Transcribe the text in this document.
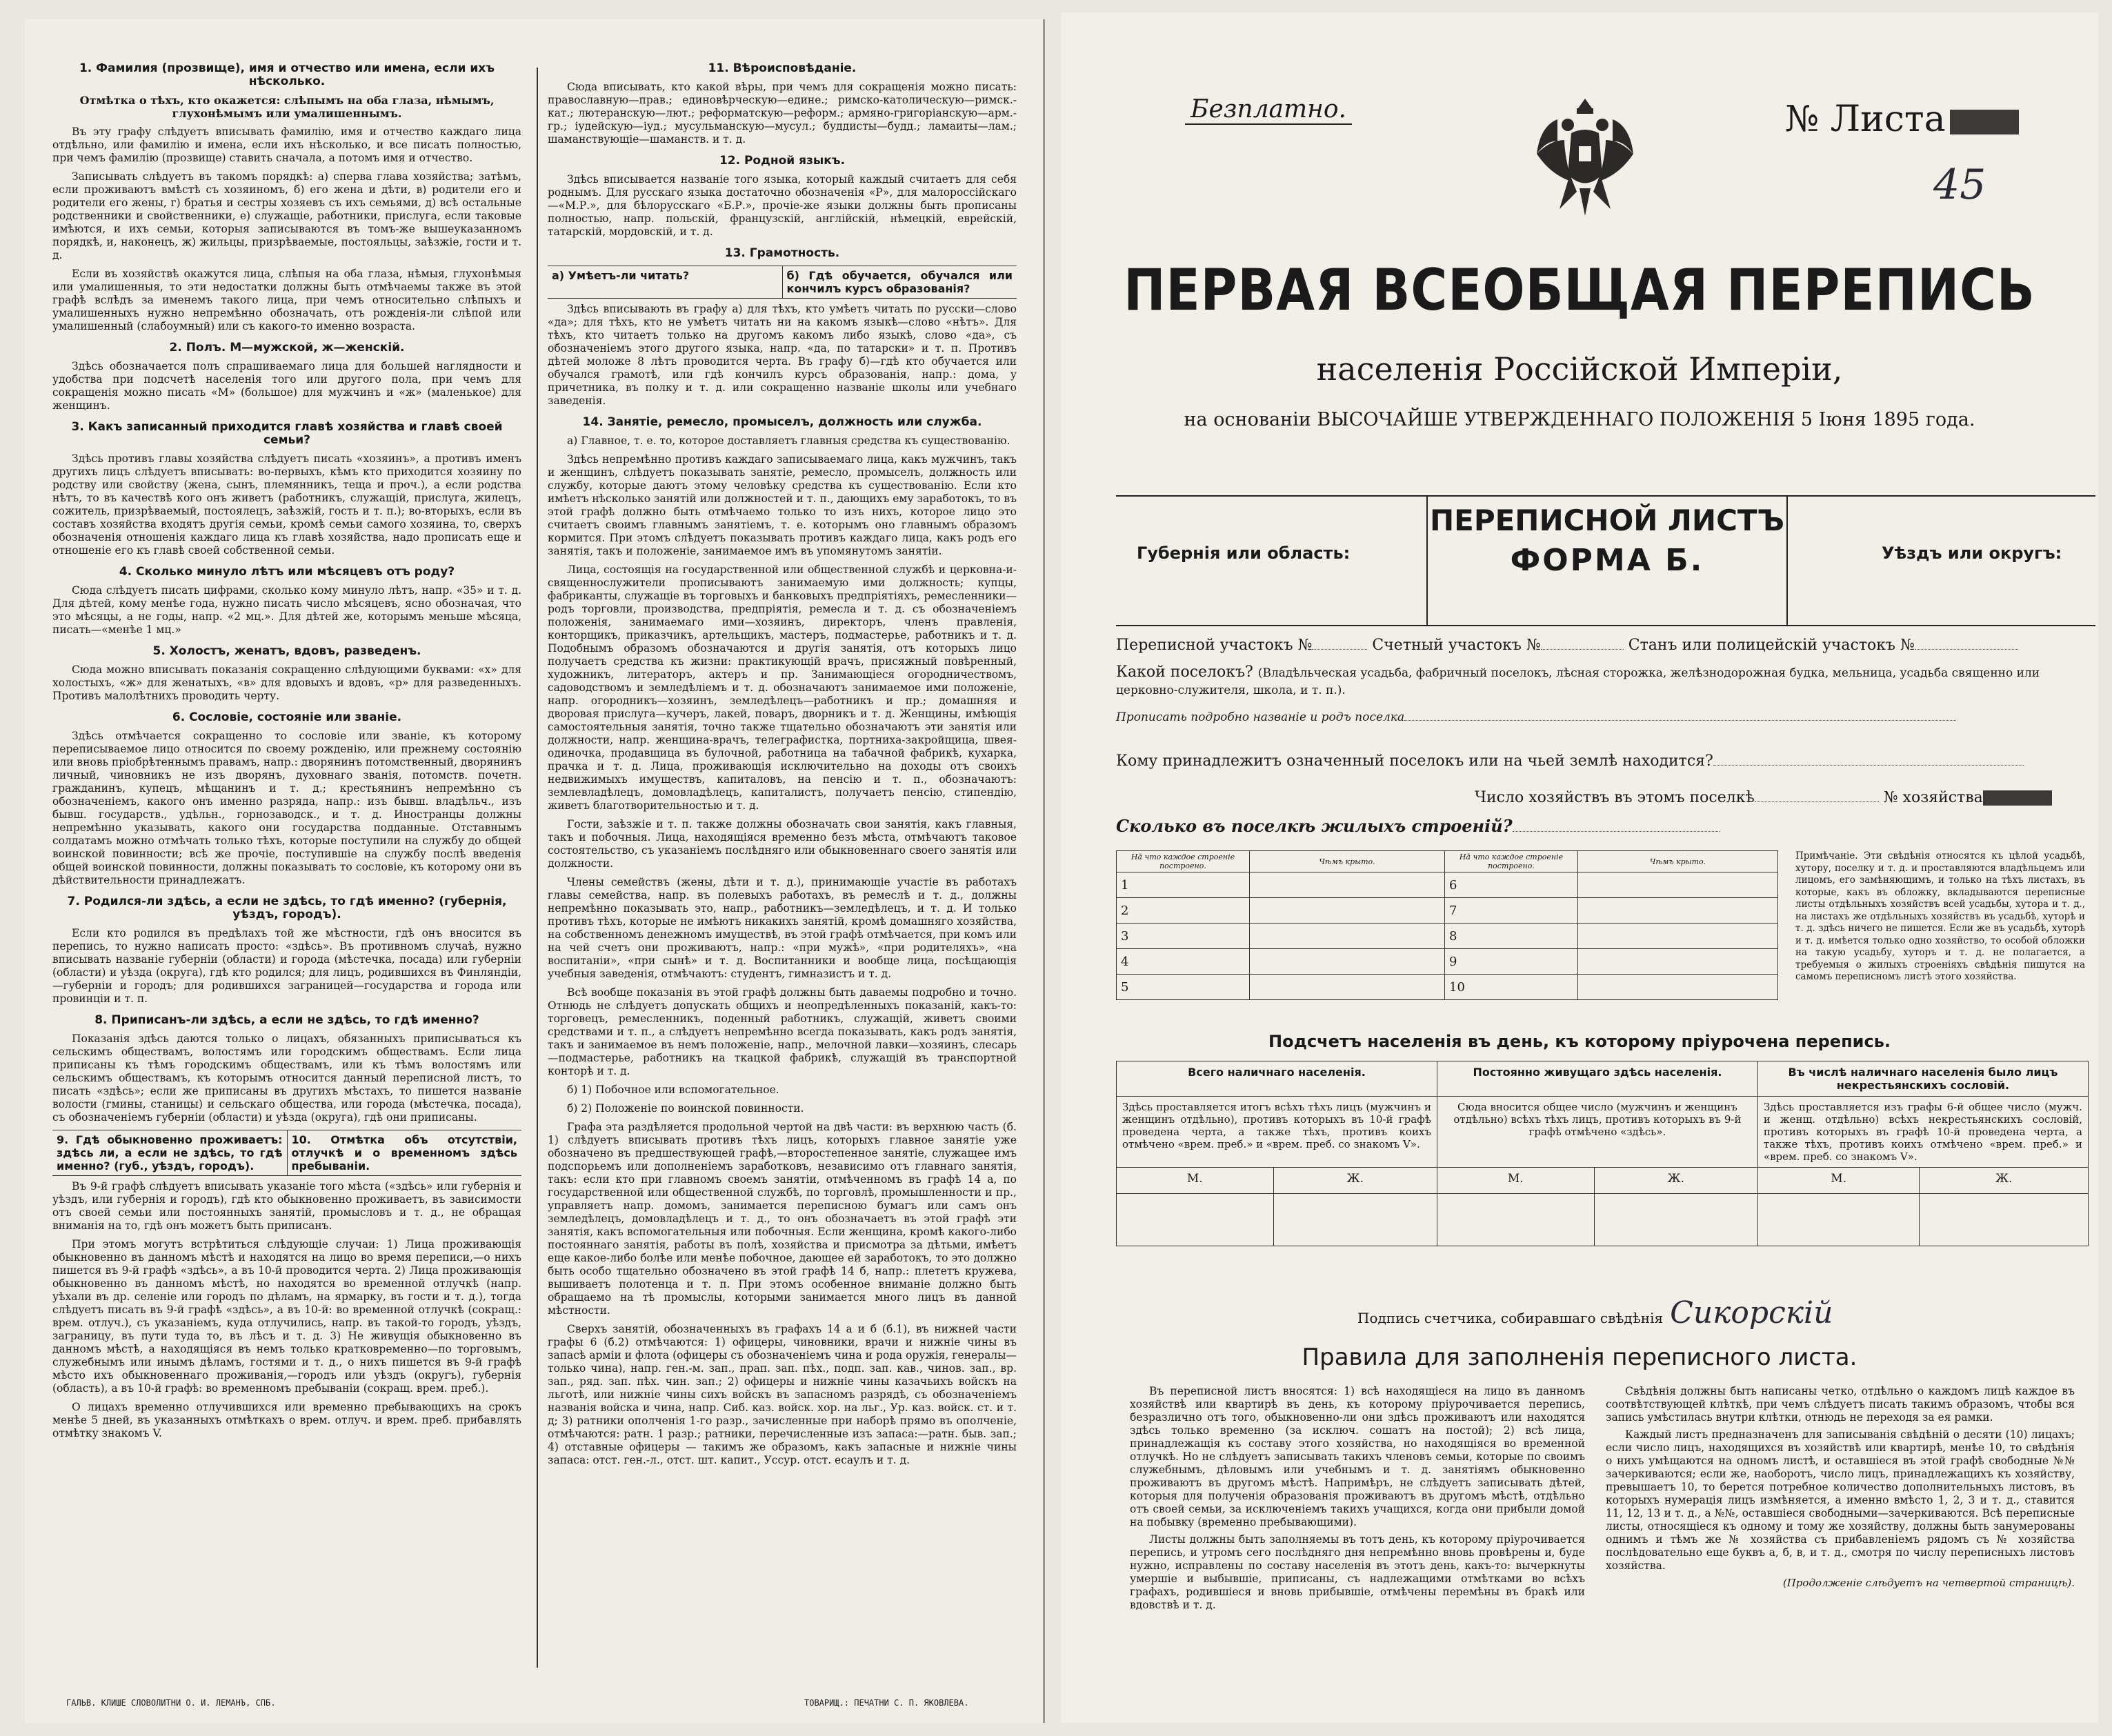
1. Фамилия (прозвище), имя и отчество или имена, если ихъ нѣсколько.
Отмѣтка о тѣхъ, кто окажется: слѣпымъ на оба глаза, нѣмымъ, глухонѣмымъ или умалишеннымъ.

Въ эту графу слѣдуетъ вписывать фамилію, имя и отчество каждаго лица отдѣльно, или фамилію и имена, если ихъ нѣсколько, и все писать полностью, при чемъ фамилію (прозвище) ставить сначала, а потомъ имя и отчество.

Записывать слѣдуетъ въ такомъ порядкѣ: а) сперва глава хозяйства; затѣмъ, если проживаютъ вмѣстѣ съ хозяиномъ, б) его жена и дѣти, в) родители его и родители его жены, г) братья и сестры хозяевъ съ ихъ семьями, д) всѣ остальные родственники и свойственники, е) служащіе, работники, прислуга, если таковые имѣются, и ихъ семьи, которыя записываются въ томъ-же вышеуказанномъ порядкѣ, и, наконецъ, ж) жильцы, призрѣваемые, постояльцы, заѣзжіе, гости и т. д.

Если въ хозяйствѣ окажутся лица, слѣпыя на оба глаза, нѣмыя, глухонѣмыя или умалишенныя, то эти недостатки должны быть отмѣчаемы также въ этой графѣ вслѣдъ за именемъ такого лица, при чемъ относительно слѣпыхъ и умалишенныхъ нужно непремѣнно обозначать, отъ рожденія-ли слѣпой или умалишенный (слабоумный) или съ какого-то именно возраста.

2. Полъ. М—мужской, ж—женскій.

Здѣсь обозначается полъ спрашиваемаго лица для большей наглядности и удобства при подсчетѣ населенія того или другого пола, при чемъ для сокращенія можно писать «М» (большое) для мужчинъ и «ж» (маленькое) для женщинъ.

3. Какъ записанный приходится главѣ хозяйства и главѣ своей семьи?

Здѣсь противъ главы хозяйства слѣдуетъ писать «хозяинъ», а противъ именъ другихъ лицъ слѣдуетъ вписывать: во-первыхъ, кѣмъ кто приходится хозяину по родству или свойству (жена, сынъ, племянникъ, теща и проч.), а если родства нѣтъ, то въ качествѣ кого онъ живетъ (работникъ, служащій, прислуга, жилецъ, сожитель, призрѣваемый, постоялецъ, заѣзжій, гость и т. п.); во-вторыхъ, если въ составъ хозяйства входятъ другія семьи, кромѣ семьи самого хозяина, то, сверхъ обозначенія отношенія каждаго лица къ главѣ хозяйства, надо прописать еще и отношеніе его къ главѣ своей собственной семьи.

4. Сколько минуло лѣтъ или мѣсяцевъ отъ роду?

Сюда слѣдуетъ писать цифрами, сколько кому минуло лѣтъ, напр. «35» и т. д. Для дѣтей, кому менѣе года, нужно писать число мѣсяцевъ, ясно обозначая, что это мѣсяцы, а не годы, напр. «2 мц.». Для дѣтей же, которымъ меньше мѣсяца, писать—«менѣе 1 мц.»

5. Холостъ, женатъ, вдовъ, разведенъ.

Сюда можно вписывать показанія сокращенно слѣдующими буквами: «х» для холостыхъ, «ж» для женатыхъ, «в» для вдовыхъ и вдовъ, «р» для разведенныхъ. Противъ малолѣтнихъ проводить черту.

6. Сословіе, состояніе или званіе.

Здѣсь отмѣчается сокращенно то сословіе или званіе, къ которому переписываемое лицо относится по своему рожденію, или прежнему состоянію или вновь пріобрѣтеннымъ правамъ, напр.: дворянинъ потомственный, дворянинъ личный, чиновникъ не изъ дворянъ, духовнаго званія, потомств. почетн. гражданинъ, купецъ, мѣщанинъ и т. д.; крестьянинъ непремѣнно съ обозначеніемъ, какого онъ именно разряда, напр.: изъ бывш. владѣльч., изъ бывш. государств., удѣльн., горнозаводск., и т. д. Иностранцы должны непремѣнно указывать, какого они государства подданные. Отставнымъ солдатамъ можно отмѣчать только тѣхъ, которые поступили на службу до общей воинской повинности; всѣ же прочіе, поступившіе на службу послѣ введенія общей воинской повинности, должны показывать то сословіе, къ которому они въ дѣйствительности принадлежатъ.

7. Родился-ли здѣсь, а если не здѣсь, то гдѣ именно? (губернія, уѣздъ, городъ).

Если кто родился въ предѣлахъ той же мѣстности, гдѣ онъ вносится въ перепись, то нужно написать просто: «здѣсь». Въ противномъ случаѣ, нужно вписывать названіе губерніи (области) и города (мѣстечка, посада) или губерніи (области) и уѣзда (округа), гдѣ кто родился; для лицъ, родившихся въ Финляндіи,—губерніи и городъ; для родившихся заграницей—государства и города или провинціи и т. п.

8. Приписанъ-ли здѣсь, а если не здѣсь, то гдѣ именно?

Показанія здѣсь даются только о лицахъ, обязанныхъ приписываться къ сельскимъ обществамъ, волостямъ или городскимъ обществамъ. Если лица приписаны къ тѣмъ городскимъ обществамъ, или къ тѣмъ волостямъ или сельскимъ обществамъ, къ которымъ относится данный переписной листъ, то писать «здѣсь»; если же приписаны въ другихъ мѣстахъ, то пишется названіе волости (гмины, станицы) и сельскаго общества, или города (мѣстечка, посада), съ обозначеніемъ губерніи (области) и уѣзда (округа), гдѣ они приписаны.

9. Гдѣ обыкновенно проживаетъ: здѣсь ли, а если не здѣсь, то гдѣ именно? (губ., уѣздъ, городъ).
10. Отмѣтка объ отсутствіи, отлучкѣ и о временномъ здѣсь пребываніи.

Въ 9-й графѣ слѣдуетъ вписывать указаніе того мѣста («здѣсь» или губернія и уѣздъ, или губернія и городъ), гдѣ кто обыкновенно проживаетъ, въ зависимости отъ своей семьи или постоянныхъ занятій, промысловъ и т. д., не обращая вниманія на то, гдѣ онъ можетъ быть приписанъ.

При этомъ могутъ встрѣтиться слѣдующіе случаи: 1) Лица проживающія обыкновенно въ данномъ мѣстѣ и находятся на лицо во время переписи,—о нихъ пишется въ 9-й графѣ «здѣсь», а въ 10-й проводится черта. 2) Лица проживающія обыкновенно въ данномъ мѣстѣ, но находятся во временной отлучкѣ (напр. уѣхали въ др. селеніе или городъ по дѣламъ, на ярмарку, въ гости и т. д.), тогда слѣдуетъ писать въ 9-й графѣ «здѣсь», а въ 10-й: во временной отлучкѣ (сокращ.: врем. отлуч.), съ указаніемъ, куда отлучились, напр. въ такой-то городъ, уѣздъ, заграницу, въ пути туда то, въ лѣсъ и т. д. 3) Не живущія обыкновенно въ данномъ мѣстѣ, а находящіяся въ немъ только кратковременно—по торговымъ, служебнымъ или инымъ дѣламъ, гостями и т. д., о нихъ пишется въ 9-й графѣ мѣсто ихъ обыкновеннаго проживанія,—городъ или уѣздъ (округъ), губернія (область), а въ 10-й графѣ: во временномъ пребываніи (сокращ. врем. преб.).

О лицахъ временно отлучившихся или временно пребывающихъ на срокъ менѣе 5 дней, въ указанныхъ отмѣткахъ о врем. отлуч. и врем. преб. прибавлять отмѣтку знакомъ V.

11. Вѣроисповѣданіе.

Сюда вписывать, кто какой вѣры, при чемъ для сокращенія можно писать: православную—прав.; единовѣрческую—едине.; римско-католическую—римск.-кат.; лютеранскую—лют.; реформатскую—реформ.; армяно-григоріанскую—арм.-гр.; іудейскую—іуд.; мусульманскую—мусул.; буддисты—будд.; ламаиты—лам.; шаманствующіе—шаманств. и т. д.

12. Родной языкъ.

Здѣсь вписывается названіе того языка, который каждый считаетъ для себя роднымъ. Для русскаго языка достаточно обозначенія «Р», для малороссійскаго—«М.Р.», для бѣлорусскаго «Б.Р.», прочіе-же языки должны быть прописаны полностью, напр. польскій, французскій, англійскій, нѣмецкій, еврейскій, татарскій, мордовскій, и т. д.

13. Грамотность.
а) Умѣетъ-ли читать?	б) Гдѣ обучается, обучался или кончилъ курсъ образованія?

Здѣсь вписывають въ графу а) для тѣхъ, кто умѣетъ читать по русски—слово «да»; для тѣхъ, кто не умѣетъ читать ни на какомъ языкѣ—слово «нѣтъ». Для тѣхъ, кто читаетъ только на другомъ какомъ либо языкѣ, слово «да», съ обозначеніемъ этого другого языка, напр. «да, по татарски» и т. п. Противъ дѣтей моложе 8 лѣтъ проводится черта. Въ графу б)—гдѣ кто обучается или обучался грамотѣ, или гдѣ кончилъ курсъ образованія, напр.: дома, у причетника, въ полку и т. д. или сокращенно названіе школы или учебнаго заведенія.

14. Занятіе, ремесло, промыселъ, должность или служба.

а) Главное, т. е. то, которое доставляетъ главныя средства къ существованію.

Здѣсь непремѣнно противъ каждаго записываемаго лица, какъ мужчинъ, такъ и женщинъ, слѣдуетъ показывать занятіе, ремесло, промыселъ, должность или службу, которые даютъ этому человѣку средства къ существованію. Если кто имѣетъ нѣсколько занятій или должностей и т. п., дающихъ ему заработокъ, то въ этой графѣ должно быть отмѣчаемо только то изъ нихъ, которое лицо это считаетъ своимъ главнымъ занятіемъ, т. е. которымъ оно главнымъ образомъ кормится. При этомъ слѣдуетъ показывать противъ каждаго лица, какъ родъ его занятія, такъ и положеніе, занимаемое имъ въ упомянутомъ занятіи.

Лица, состоящія на государственной или общественной службѣ и церковна-и-священнослужители прописываютъ занимаемую ими должность; купцы, фабриканты, служащіе въ торговыхъ и банковыхъ предпріятіяхъ, ремесленники—родъ торговли, производства, предпріятія, ремесла и т. д. съ обозначеніемъ положенія, занимаемаго ими—хозяинъ, директоръ, членъ правленія, конторщикъ, приказчикъ, артельщикъ, мастеръ, подмастерье, работникъ и т. д. Подобнымъ образомъ обозначаются и другія занятія, отъ которыхъ лицо получаетъ средства къ жизни: практикующій врачъ, присяжный повѣренный, художникъ, литераторъ, актеръ и пр. Занимающіеся огородничествомъ, садоводствомъ и земледѣліемъ и т. д. обозначаютъ занимаемое ими положеніе, напр. огородникъ—хозяинъ, земледѣлецъ—работникъ и пр.; домашняя и дворовая прислуга—кучеръ, лакей, поваръ, дворникъ и т. д. Женщины, имѣющія самостоятельныя занятія, точно также тщательно обозначаютъ эти занятія или должности, напр. женщина-врачъ, телеграфистка, портниха-закройщица, швея-одиночка, продавщица въ булочной, работница на табачной фабрикѣ, кухарка, прачка и т. д. Лица, проживающія исключительно на доходы отъ своихъ недвижимыхъ имуществъ, капиталовъ, на пенсію и т. п., обозначаютъ: землевладѣлецъ, домовладѣлецъ, капиталистъ, получаетъ пенсію, стипендію, живетъ благотворительностью и т. д.

Гости, заѣзжіе и т. п. также должны обозначать свои занятія, какъ главныя, такъ и побочныя. Лица, находящіяся временно безъ мѣста, отмѣчаютъ таковое состоятельство, съ указаніемъ послѣдняго или обыкновеннаго своего занятія или должности.

Члены семействъ (жены, дѣти и т. д.), принимающіе участіе въ работахъ главы семейства, напр. въ полевыхъ работахъ, въ ремеслѣ и т. д., должны непремѣнно показывать это, напр., работникъ—земледѣлецъ, и т. д. И только противъ тѣхъ, которые не имѣютъ никакихъ занятій, кромѣ домашняго хозяйства, на собственномъ денежномъ имуществѣ, въ этой графѣ отмѣчается, при комъ или на чей счетъ они проживаютъ, напр.: «при мужѣ», «при родителяхъ», «на воспитаніи», «при сынѣ» и т. д. Воспитанники и вообще лица, посѣщающія учебныя заведенія, отмѣчаютъ: студентъ, гимназистъ и т. д.

Всѣ вообще показанія въ этой графѣ должны быть даваемы подробно и точно. Отнюдь не слѣдуетъ допускать общихъ и неопредѣленныхъ показаній, какъ-то: торговецъ, ремесленникъ, поденный работникъ, служащій, живетъ своими средствами и т. п., а слѣдуетъ непремѣнно всегда показывать, какъ родъ занятія, такъ и занимаемое въ немъ положеніе, напр., мелочной лавки—хозяинъ, слесарь—подмастерье, работникъ на ткацкой фабрикѣ, служащій въ транспортной конторѣ и т. д.

б) 1) Побочное или вспомогательное.

б) 2) Положеніе по воинской повинности.

Графа эта раздѣляется продольной чертой на двѣ части: въ верхнюю часть (б. 1) слѣдуетъ вписывать противъ тѣхъ лицъ, которыхъ главное занятіе уже обозначено въ предшествующей графѣ,—второстепенное занятіе, служащее имъ подспорьемъ или дополненіемъ заработковъ, независимо отъ главнаго занятія, такъ: если кто при главномъ своемъ занятіи, отмѣченномъ въ графѣ 14 а, по государственной или общественной службѣ, по торговлѣ, промышленности и пр., управляетъ напр. домомъ, занимается переписною бумагъ или самъ онъ земледѣлецъ, домовладѣлецъ и т. д., то онъ обозначаетъ въ этой графѣ эти занятія, какъ вспомогательныя или побочныя. Если женщина, кромѣ какого-либо постояннаго занятія, работы въ полѣ, хозяйства и присмотра за дѣтьми, имѣетъ еще какое-либо болѣе или менѣе побочное, дающее ей заработокъ, то это должно быть особо тщательно обозначено въ этой графѣ 14 б, напр.: плететъ кружева, вышиваетъ полотенца и т. п. При этомъ особенное вниманіе должно быть обращаемо на тѣ промыслы, которыми занимается много лицъ въ данной мѣстности.

Сверхъ занятій, обозначенныхъ въ графахъ 14 а и б (б.1), въ нижней части графы 6 (б.2) отмѣчаются: 1) офицеры, чиновники, врачи и нижніе чины въ запасѣ арміи и флота (офицеры съ обозначеніемъ чина и рода оружія, генералы—только чина), напр. ген.-м. зап., прап. зап. пѣх., подп. зап. кав., чинов. зап., вр. зап., ряд. зап. пѣх. чин. зап.; 2) офицеры и нижніе чины казачьихъ войскъ на льготѣ, или нижніе чины сихъ войскъ въ запасномъ разрядѣ, съ обозначеніемъ названія войска и чина, напр. Сиб. каз. войск. хор. на льг., Ур. каз. войск. ст. и т. д; 3) ратники ополченія 1-го разр., зачисленные при наборѣ прямо въ ополченіе, отмѣчаются: ратн. 1 разр.; ратники, перечисленные изъ запаса:—ратн. быв. зап.; 4) отставные офицеры — такимъ же образомъ, какъ запасные и нижніе чины запаса: отст. ген.-л., отст. шт. капит., Уссур. отст. есаулъ и т. д.

ГАЛЬВ. КЛИШЕ СЛОВОЛИТНИ О. И. ЛЕМАНЪ, СПБ.	ТОВАРИЩ.: ПЕЧАТНИ С. П. ЯКОВЛЕВА.
Безплатно.	№ Листа
45
ПЕРВАЯ ВСЕОБЩАЯ ПЕРЕПИСЬ
населенія Россійской Имперіи,
на основаніи ВЫСОЧАЙШЕ УТВЕРЖДЕННАГО ПОЛОЖЕНІЯ 5 Іюня 1895 года.
Губернія или область:
ПЕРЕПИСНОЙ ЛИСТЪ
ФОРМА Б.	Уѣздъ или округъ:
Переписной участокъ №	Счетный участокъ №	Станъ или полицейскій участокъ №
Какой поселокъ? (Владѣльческая усадьба, фабричный поселокъ, лѣсная сторожка, желѣзнодорожная будка, мельница, усадьба священно или церковно-служителя, школа, и т. п.).
Прописать подробно названіе и родъ поселка
Кому принадлежитъ означенный поселокъ или на чьей землѣ находится?
Число хозяйствъ въ этомъ поселкѣ	№ хозяйства
Сколько въ поселкѣ жилыхъ строеній?
Нă что каждое строеніе построено.	Чѣмъ крыто.	Нă что каждое строеніе построено.	Чѣмъ крыто.
1		6	
2		7	
3		8	
4		9	
5		10	
Примѣчаніе. Эти свѣдѣнія относятся къ цѣлой усадьбѣ, хутору, поселку и т. д. и проставляются владѣльцемъ или лицомъ, его замѣняющимъ, и только на тѣхъ листахъ, въ которые, какъ въ обложку, вкладываются переписные листы отдѣльныхъ хозяйствъ всей усадьбы, хутора и т. д., на листахъ же отдѣльныхъ хозяйствъ въ усадьбѣ, хуторѣ и т. д. здѣсь ничего не пишется. Если же въ усадьбѣ, хуторѣ и т. д. имѣется только одно хозяйство, то особой обложки на такую усадьбу, хуторъ и т. д. не полагается, а требуемыя о жилыхъ строеніяхъ свѣдѣнія пишутся на самомъ переписномъ листѣ этого хозяйства.
Подсчетъ населенія въ день, къ которому пріурочена перепись.
Всего наличнаго населенія.		Постоянно живущаго здѣсь населенія.		Въ числѣ наличнаго населенія было лицъ некрестьянскихъ сословій.	
Здѣсь проставляется итогъ всѣхъ тѣхъ лицъ (мужчинъ и женщинъ отдѣльно), противъ которыхъ въ 10-й графѣ проведена черта, а также тѣхъ, противъ коихъ отмѣчено «врем. преб.» и «врем. преб. со знакомъ V».		Сюда вносится общее число (мужчинъ и женщинъ отдѣльно) всѣхъ тѣхъ лицъ, противъ которыхъ въ 9-й графѣ отмѣчено «здѣсь».		Здѣсь проставляется изъ графы 6-й общее число (мужч. и женщ. отдѣльно) всѣхъ некрестьянскихъ сословій, противъ которыхъ въ графѣ 10-й проведена черта, а также тѣхъ, противъ коихъ отмѣчено «врем. преб.» и «врем. преб. со знакомъ V».	
М.	Ж.	М.	Ж.	М.	Ж.

Подпись счетчика, собиравшаго свѣдѣнія Сикорскій
Правила для заполненія переписного листа.

Въ переписной листъ вносятся: 1) всѣ находящіеся на лицо въ данномъ хозяйствѣ или квартирѣ въ день, къ которому пріурочивается перепись, безразлично отъ того, обыкновенно-ли они здѣсь проживаютъ или находятся здѣсь только временно (за исключ. сошатъ на постой); 2) всѣ лица, принадлежащія къ составу этого хозяйства, но находящіяся во временной отлучкѣ. Но не слѣдуетъ записывать такихъ членовъ семьи, которые по своимъ служебнымъ, дѣловымъ или учебнымъ и т. д. занятіямъ обыкновенно проживаютъ въ другомъ мѣстѣ. Напримѣръ, не слѣдуетъ записывать дѣтей, которыя для полученія образованія проживаютъ въ другомъ мѣстѣ, отдѣльно отъ своей семьи, за исключеніемъ такихъ учащихся, когда они прибыли домой на побывку (временно пребывающими).

Листы должны быть заполняемы въ тотъ день, къ которому пріурочивается перепись, и утромъ сего послѣдняго дня непремѣнно вновь провѣрены и, буде нужно, исправлены по составу населенія въ этотъ день, какъ-то: вычеркнуты умершіе и выбывшіе, приписаны, съ надлежащими отмѣтками во всѣхъ графахъ, родившіеся и вновь прибывшіе, отмѣчены перемѣны въ бракѣ или вдовствѣ и т. д.

Свѣдѣнія должны быть написаны четко, отдѣльно о каждомъ лицѣ каждое въ соотвѣтствующей клѣткѣ, при чемъ слѣдуетъ писать такимъ образомъ, чтобы вся запись умѣстилась внутри клѣтки, отнюдь не переходя за ея рамки.

Каждый листъ предназначенъ для записыванія свѣдѣній о десяти (10) лицахъ; если число лицъ, находящихся въ хозяйствѣ или квартирѣ, менѣе 10, то свѣдѣнія о нихъ умѣщаются на одномъ листѣ, и оставшіеся въ этой графѣ свободные №№ зачеркиваются; если же, наоборотъ, число лицъ, принадлежащихъ къ хозяйству, превышаетъ 10, то берется потребное количество дополнительныхъ листовъ, въ которыхъ нумерація лицъ измѣняется, а именно вмѣсто 1, 2, 3 и т. д., ставится 11, 12, 13 и т. д., а №№, оставшіеся свободными—зачеркиваются. Всѣ переписные листы, относящіеся къ одному и тому же хозяйству, должны быть занумерованы однимъ и тѣмъ же № хозяйства съ прибавленіемъ рядомъ съ № хозяйства послѣдовательно еще буквъ а, б, в, и т. д., смотря по числу переписныхъ листовъ хозяйства.

(Продолженіе слѣдуетъ на четвертой страницѣ).
